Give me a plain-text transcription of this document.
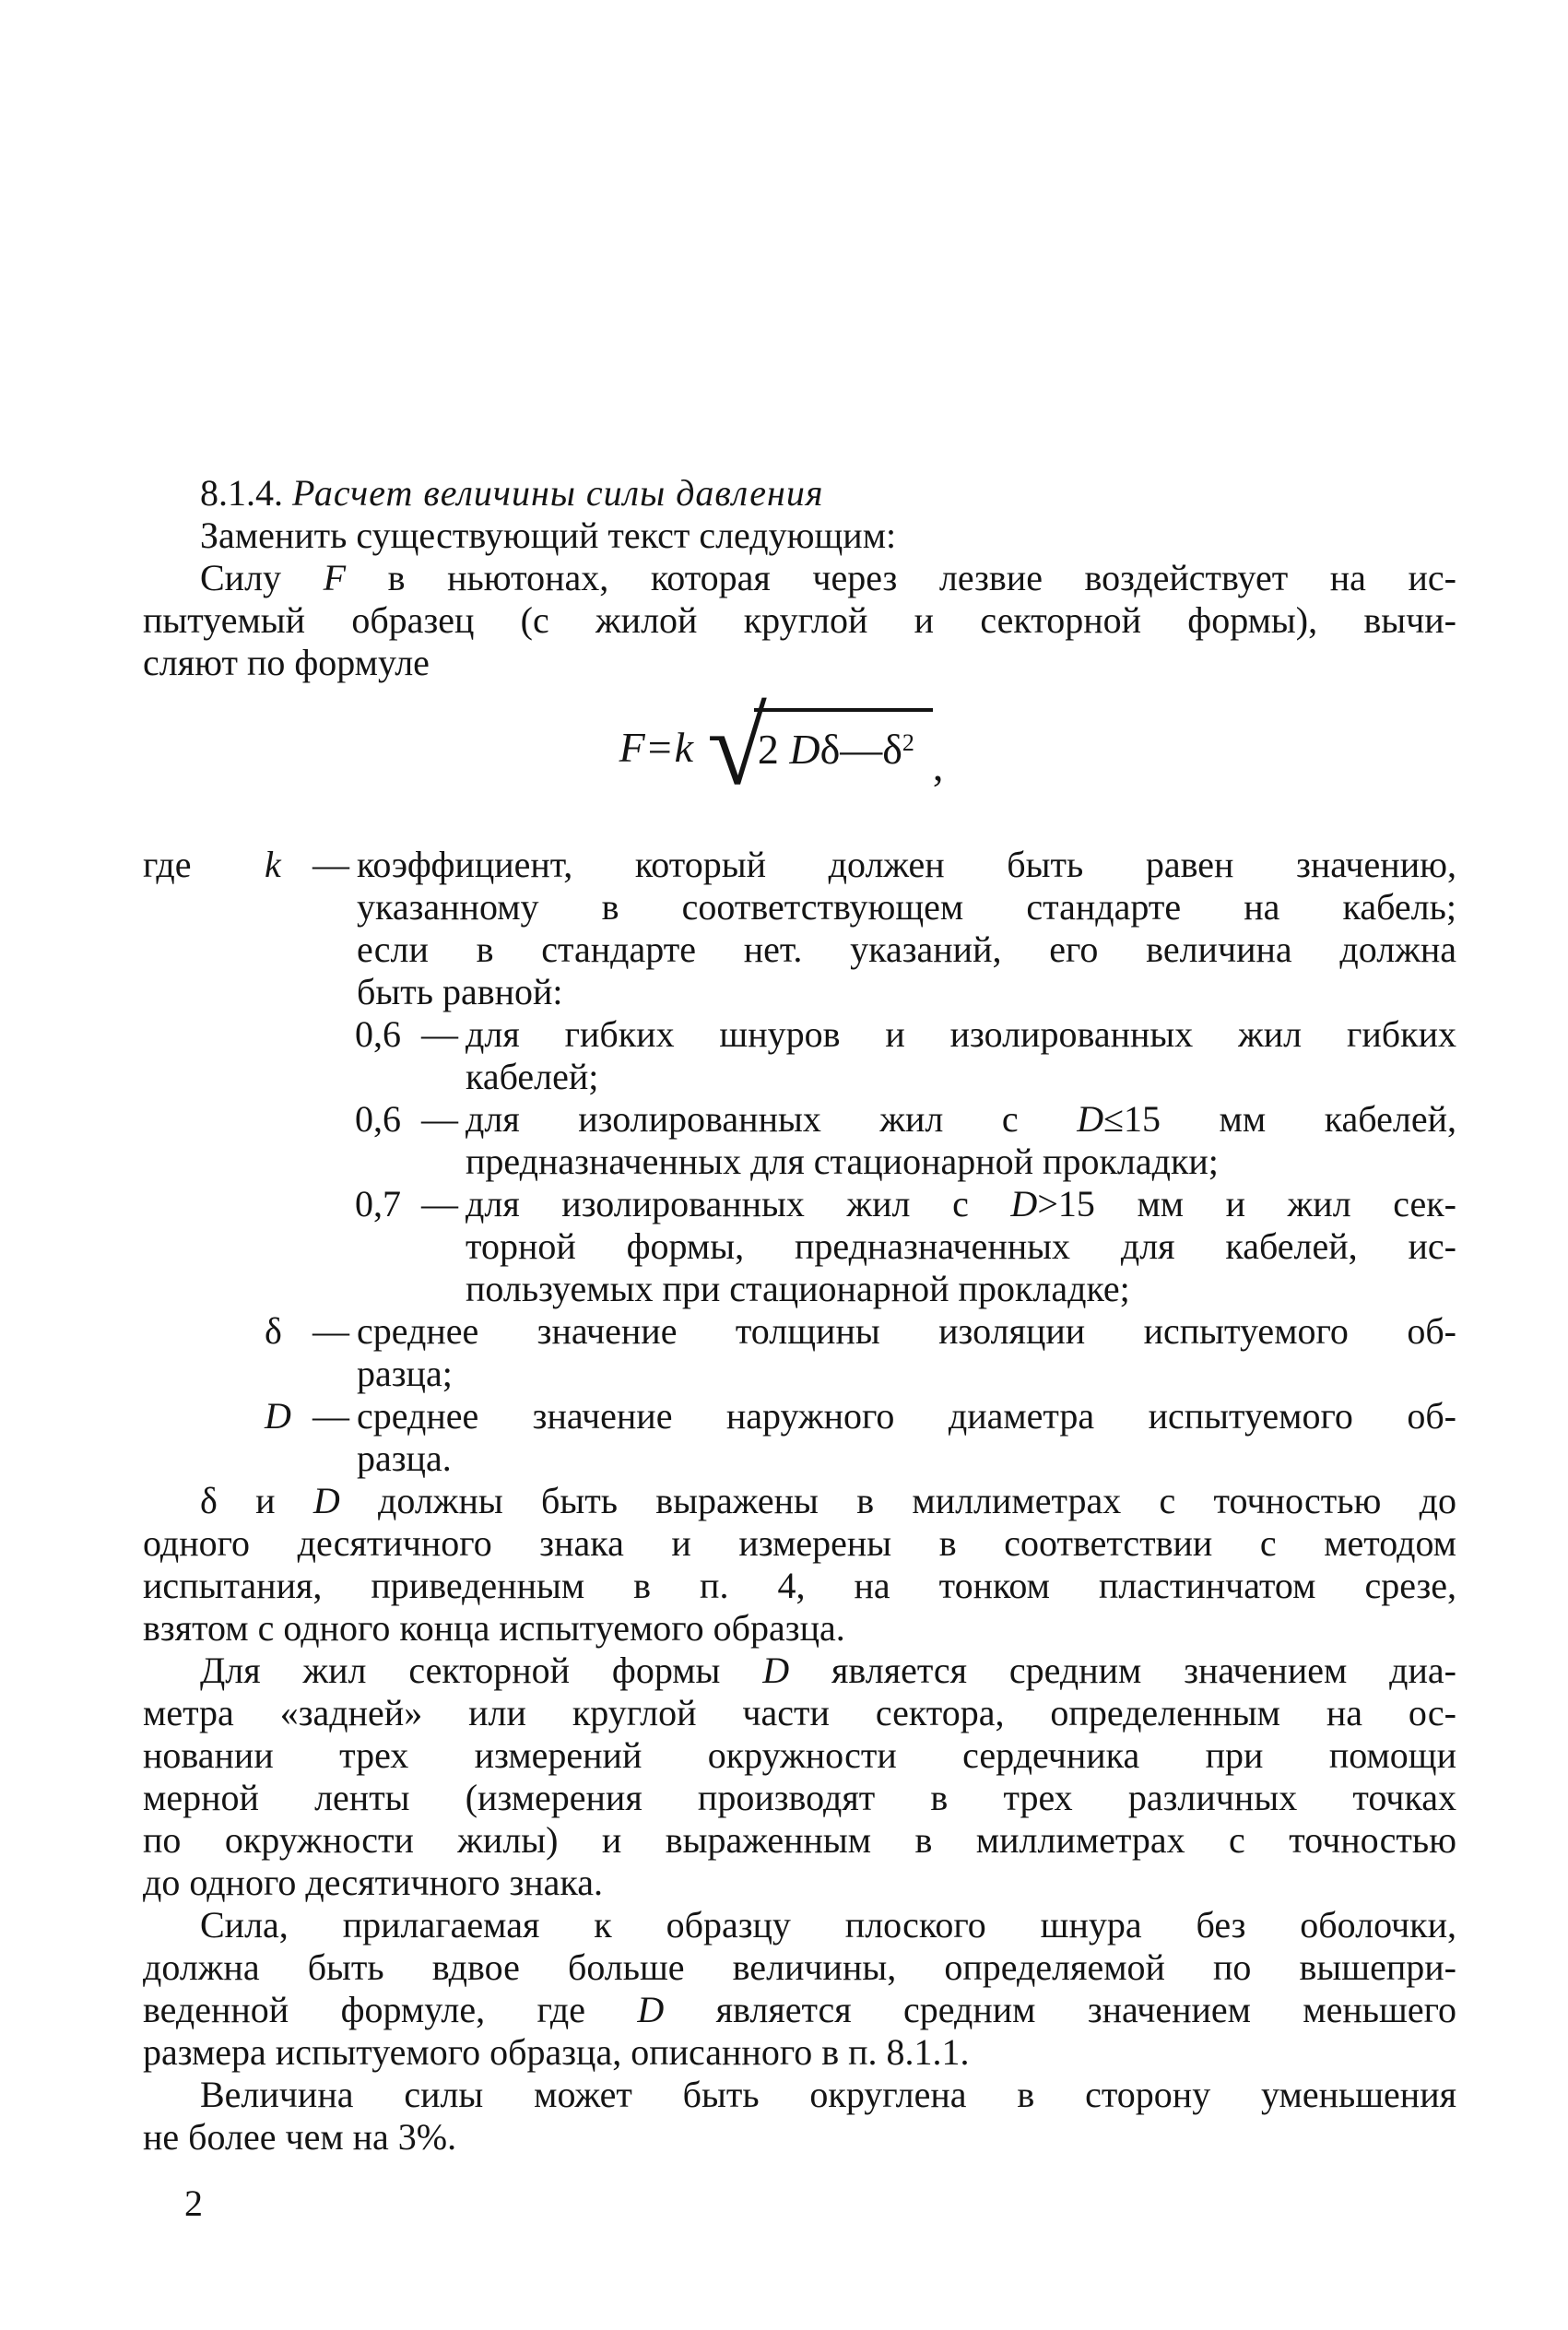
8.1.4. Расчет величины силы давления
Заменить существующий текст следующим:
Силу F в ньютонах, которая через лезвие воздействует на ис-
пытуемый образец (с жилой круглой и секторной формы), вычи-
сляют по формуле
F=k √
2 $D\delta—\delta^2$ ,
где	k — коэффициент, который должен быть равен значению,
указанному в соответствующем стандарте на кабель;
если в стандарте нет. указаний, его величина должна
быть равной:
0,6 — для гибких шнуров и изолированных жил гибких
кабелей;
0,6 — для изолированных жил с D≤15 мм кабелей,
предназначенных для стационарной прокладки;
0,7 — для изолированных жил с D>15 мм и жил сек-
торной формы, предназначенных для кабелей, ис-
пользуемых при стационарной прокладке;
δ — среднее значение толщины изоляции испытуемого об-
разца;
D — среднее значение наружного диаметра испытуемого об-
разца.
δ и D должны быть выражены в миллиметрах с точностью до
одного десятичного знака и измерены в соответствии с методом
испытания, приведенным в п. 4, на тонком пластинчатом срезе,
взятом с одного конца испытуемого образца.
Для жил секторной формы D является средним значением диа-
метра «задней» или круглой части сектора, определенным на ос-
новании трех измерений окружности сердечника при помощи
мерной ленты (измерения производят в трех различных точках
по окружности жилы) и выраженным в миллиметрах с точностью
до одного десятичного знака.
Сила, прилагаемая к образцу плоского шнура без оболочки,
должна быть вдвое больше величины, определяемой по вышепри-
веденной формуле, где D является средним значением меньшего
размера испытуемого образца, описанного в п. 8.1.1.
Величина силы может быть округлена в сторону уменьшения
не более чем на 3%.
2
